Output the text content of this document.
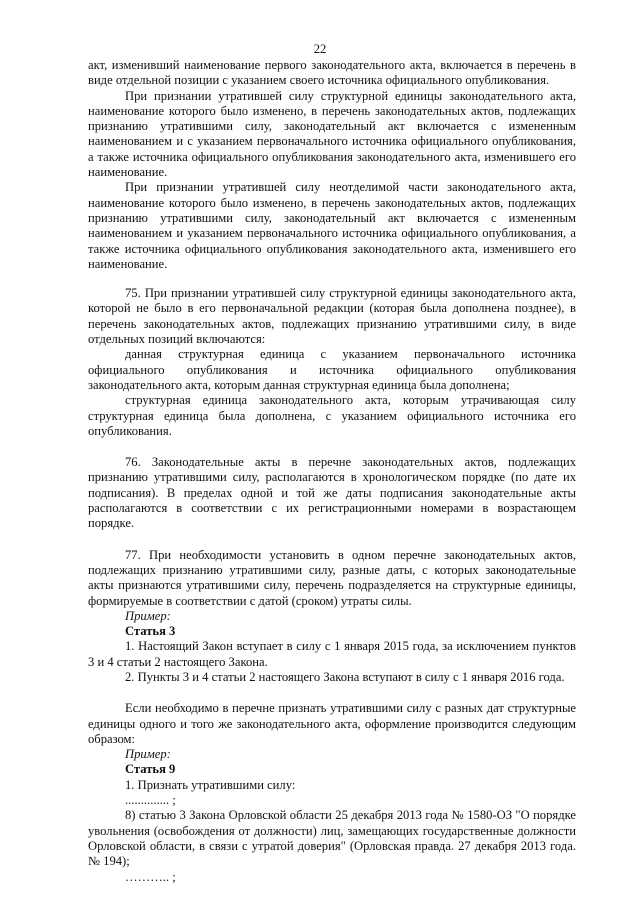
22

акт, изменивший наименование первого законодательного акта, включается в перечень в виде отдельной позиции с указанием своего источника официального опубликования.

При признании утратившей силу структурной единицы законодательного акта, наименование которого было изменено, в перечень законодательных актов, подлежащих признанию утратившими силу, законодательный акт включается с измененным наименованием и с указанием первоначального источника официального опубликования, а также источника официального опубликования законодательного акта, изменившего его наименование.

При признании утратившей силу неотделимой части законодательного акта, наименование которого было изменено, в перечень законодательных актов, подлежащих признанию утратившими силу, законодательный акт включается с измененным наименованием и указанием первоначального источника официального опубликования, а также источника официального опубликования законодательного акта, изменившего его наименование.

75. При признании утратившей силу структурной единицы законодательного акта, которой не было в его первоначальной редакции (которая была дополнена позднее), в перечень законодательных актов, подлежащих признанию утратившими силу, в виде отдельных позиций включаются:

данная структурная единица с указанием первоначального источника официального опубликования и источника официального опубликования законодательного акта, которым данная структурная единица была дополнена;

структурная единица законодательного акта, которым утрачивающая силу структурная единица была дополнена, с указанием официального источника его опубликования.

76. Законодательные акты в перечне законодательных актов, подлежащих признанию утратившими силу, располагаются в хронологическом порядке (по дате их подписания). В пределах одной и той же даты подписания законодательные акты располагаются в соответствии с их регистрационными номерами в возрастающем порядке.

77. При необходимости установить в одном перечне законодательных актов, подлежащих признанию утратившими силу, разные даты, с которых законодательные акты признаются утратившими силу, перечень подразделяется на структурные единицы, формируемые в соответствии с датой (сроком) утраты силы.

Пример:

Статья 3

1. Настоящий Закон вступает в силу с 1 января 2015 года, за исключением пунктов 3 и 4 статьи 2 настоящего Закона.

2. Пункты 3 и 4 статьи 2 настоящего Закона вступают в силу с 1 января 2016 года.

Если необходимо в перечне признать утратившими силу с разных дат структурные единицы одного и того же законодательного акта, оформление производится следующим образом:

Пример:

Статья 9

1. Признать утратившими силу:

.............. ;

8) статью 3 Закона Орловской области 25 декабря 2013 года № 1580-ОЗ "О порядке увольнения (освобождения от должности) лиц, замещающих государственные должности Орловской области, в связи с утратой доверия" (Орловская правда. 27 декабря 2013 года. № 194);

……….. ;
